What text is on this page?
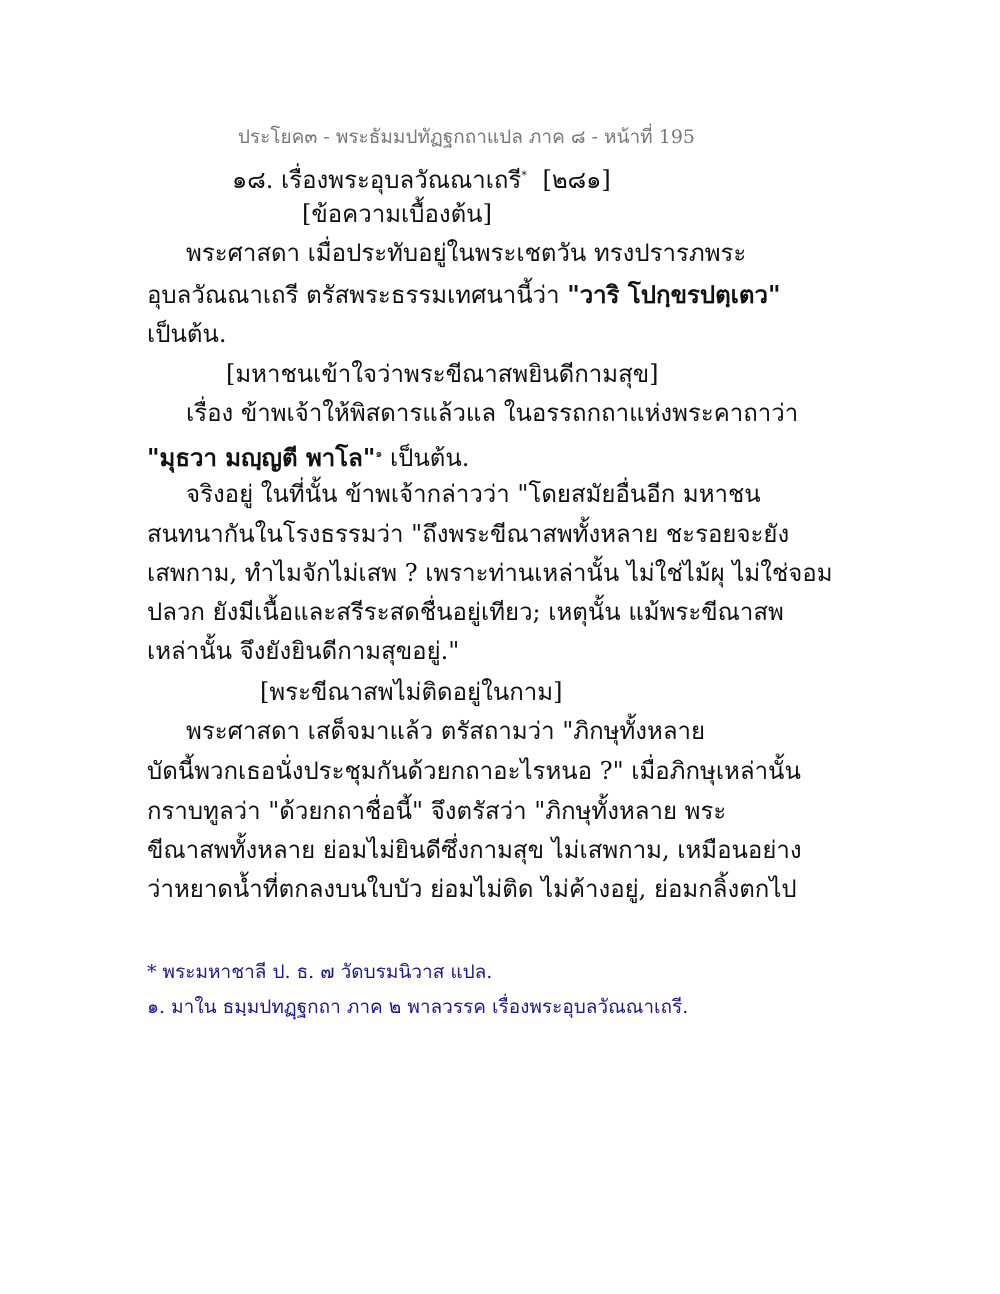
ประโยค๓ - พระธัมมปทัฏฐกถาแปล ภาค ๘ - หน้าที่ 195
๑๘. เรื่องพระอุบลวัณณาเถรี* [๒๘๑]
[ข้อความเบื้องต้น]
พระศาสดา เมื่อประทับอยู่ในพระเชตวัน ทรงปรารภพระ
อุบลวัณณาเถรี ตรัสพระธรรมเทศนานี้ว่า "วาริ โปกฺขรปตฺเตว"
เป็นต้น.
[มหาชนเข้าใจว่าพระขีณาสพยินดีกามสุข]
เรื่อง ข้าพเจ้าให้พิสดารแล้วแล ในอรรถกถาแห่งพระคาถาว่า
"มุธวา มญฺญตี พาโล"$^๑$ เป็นต้น.
จริงอยู่ ในที่นั้น ข้าพเจ้ากล่าวว่า "โดยสมัยอื่นอีก มหาชน
สนทนากันในโรงธรรมว่า "ถึงพระขีณาสพทั้งหลาย ชะรอยจะยัง
เสพกาม, ทำไมจักไม่เสพ ? เพราะท่านเหล่านั้น ไม่ใช่ไม้ผุ ไม่ใช่จอม
ปลวก ยังมีเนื้อและสรีระสดชื่นอยู่เทียว; เหตุนั้น แม้พระขีณาสพ
เหล่านั้น จึงยังยินดีกามสุขอยู่."
[พระขีณาสพไม่ติดอยู่ในกาม]
พระศาสดา เสด็จมาแล้ว ตรัสถามว่า "ภิกษุทั้งหลาย
บัดนี้พวกเธอนั่งประชุมกันด้วยกถาอะไรหนอ ?" เมื่อภิกษุเหล่านั้น
กราบทูลว่า "ด้วยกถาชื่อนี้" จึงตรัสว่า "ภิกษุทั้งหลาย พระ
ขีณาสพทั้งหลาย ย่อมไม่ยินดีซึ่งกามสุข ไม่เสพกาม, เหมือนอย่าง
ว่าหยาดน้ำที่ตกลงบนใบบัว ย่อมไม่ติด ไม่ค้างอยู่, ย่อมกลิ้งตกไป
* พระมหาชาลี ป. ธ. ๗ วัดบรมนิวาส แปล.
๑. มาใน ธมฺมปทฏฺฐกถา ภาค ๒ พาลวรรค เรื่องพระอุบลวัณณาเถรี.
